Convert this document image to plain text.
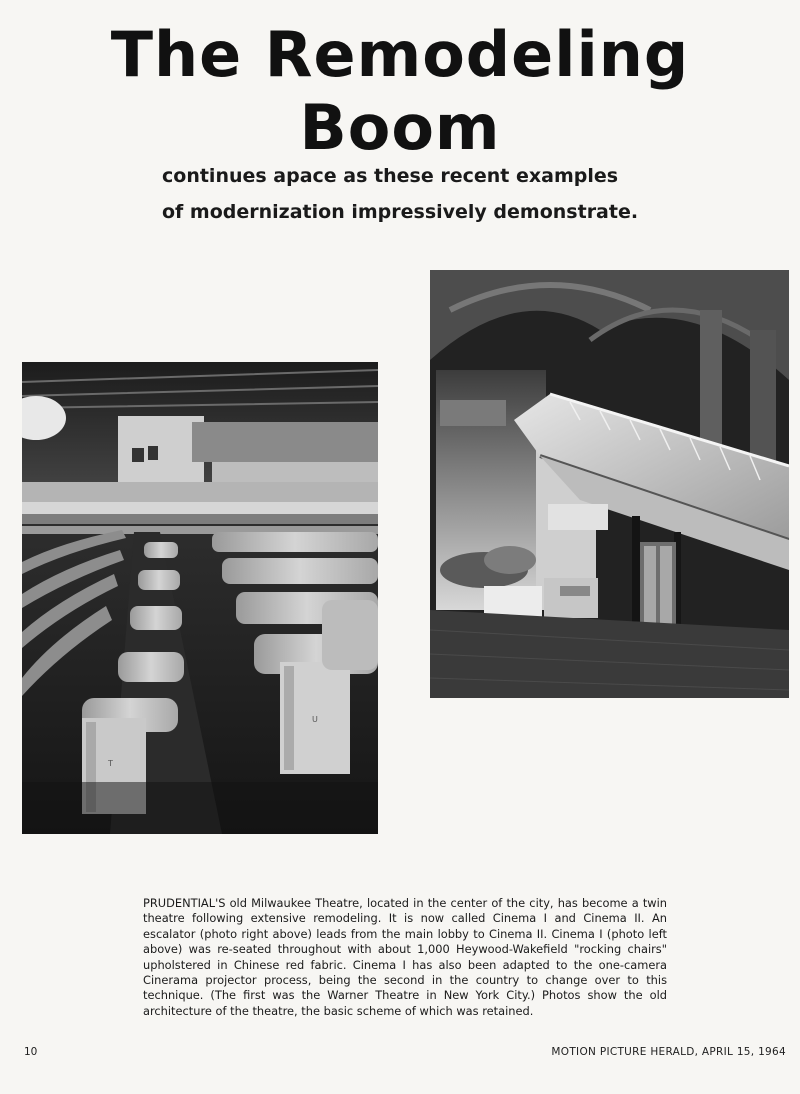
The Remodeling Boom
continues apace as these recent examples
of modernization impressively demonstrate.
T
U

PRUDENTIAL'S old Milwaukee Theatre, located in the center of the city, has become a twin theatre following extensive remodeling. It is now called Cinema I and Cinema II. An escalator (photo right above) leads from the main lobby to Cinema II. Cinema I (photo left above) was re-seated throughout with about 1,000 Heywood-Wakefield "rocking chairs" upholstered in Chinese red fabric. Cinema I has also been adapted to the one-camera Cinerama projector process, being the second in the country to change over to this technique. (The first was the Warner Theatre in New York City.) Photos show the old architecture of the theatre, the basic scheme of which was retained.

10	MOTION PICTURE HERALD, APRIL 15, 1964
